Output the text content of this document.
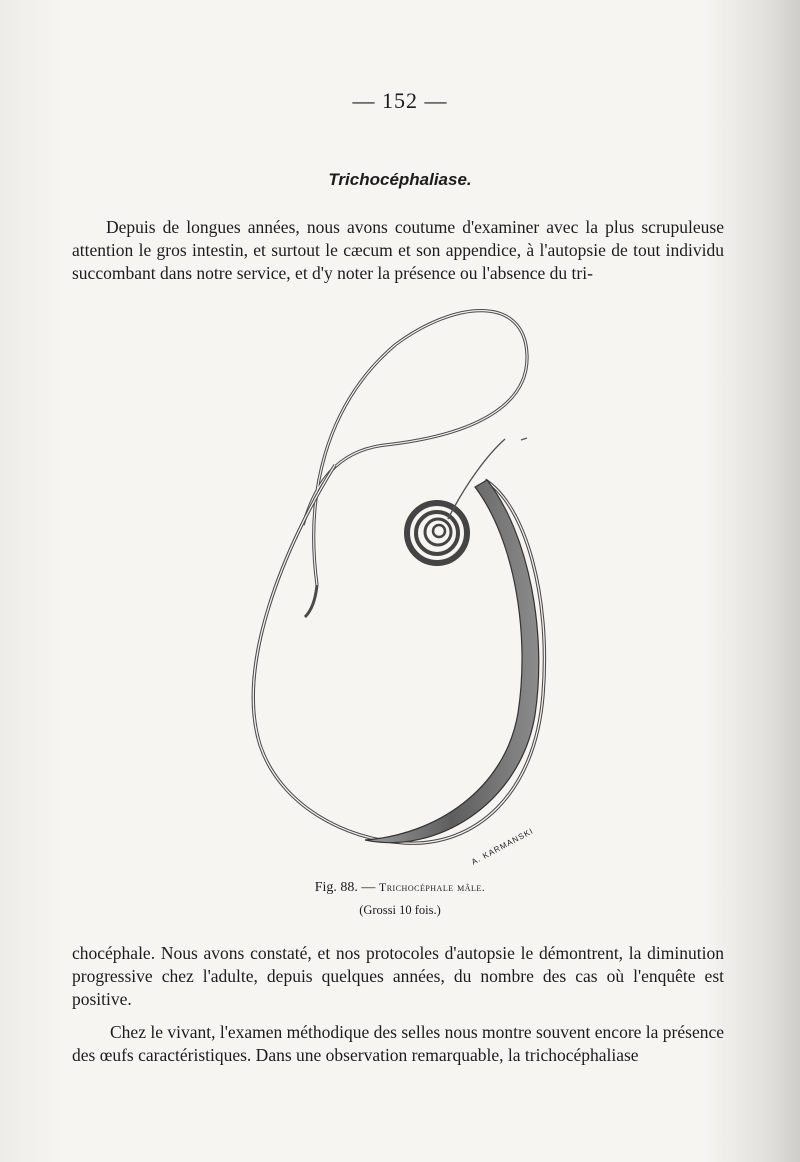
— 152 —
Trichocéphaliase.
Depuis de longues années, nous avons coutume d'examiner avec la plus scrupuleuse attention le gros intestin, et surtout le cæcum et son appendice, à l'autopsie de tout individu succombant dans notre service, et d'y noter la présence ou l'absence du tri-
A. KARMANSKI
Fig. 88. — Trichocéphale mâle.
(Grossi 10 fois.)
chocéphale. Nous avons constaté, et nos protocoles d'autopsie le démontrent, la diminution progressive chez l'adulte, depuis quelques années, du nombre des cas où l'enquête est positive.
Chez le vivant, l'examen méthodique des selles nous montre souvent encore la présence des œufs caractéristiques. Dans une observation remarquable, la trichocéphaliase
